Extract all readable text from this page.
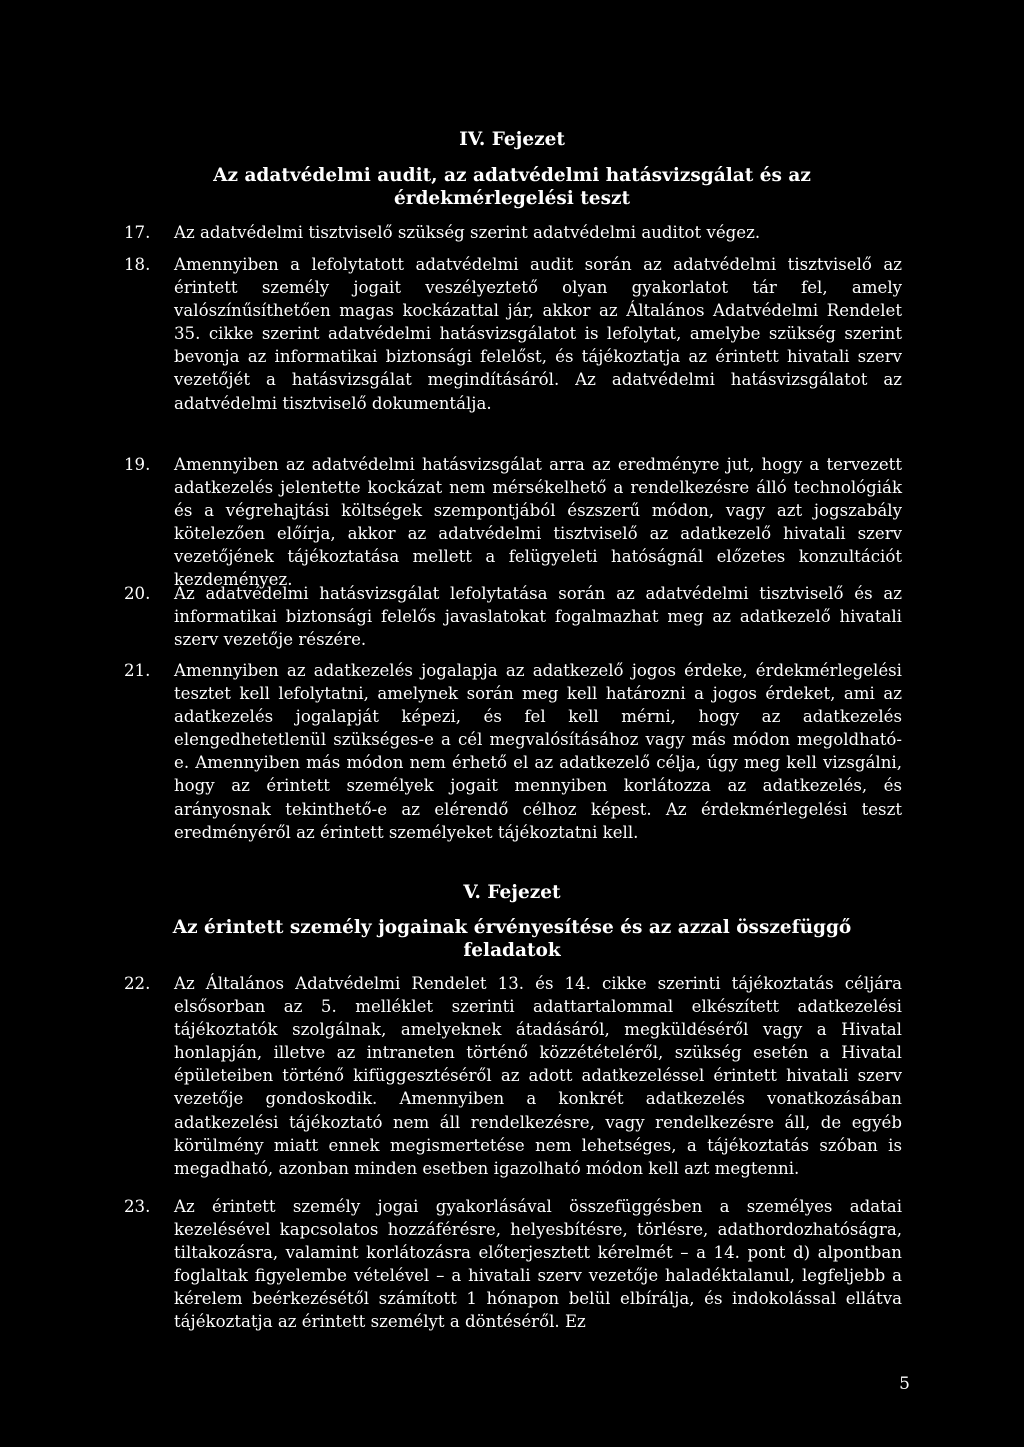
IV. Fejezet
Az adatvédelmi audit, az adatvédelmi hatásvizsgálat és az érdekmérlegelési teszt
17.	Az adatvédelmi tisztviselő szükség szerint adatvédelmi auditot végez.
18.	Amennyiben a lefolytatott adatvédelmi audit során az adatvédelmi tisztviselő az érintett személy jogait veszélyeztető olyan gyakorlatot tár fel, amely valószínűsíthetően magas kockázattal jár, akkor az Általános Adatvédelmi Rendelet 35. cikke szerint adatvédelmi hatásvizsgálatot is lefolytat, amelybe szükség szerint bevonja az informatikai biztonsági felelőst, és tájékoztatja az érintett hivatali szerv vezetőjét a hatásvizsgálat megindításáról. Az adatvédelmi hatásvizsgálatot az adatvédelmi tisztviselő dokumentálja.
19.	Amennyiben az adatvédelmi hatásvizsgálat arra az eredményre jut, hogy a tervezett adatkezelés jelentette kockázat nem mérsékelhető a rendelkezésre álló technológiák és a végrehajtási költségek szempontjából észszerű módon, vagy azt jogszabály kötelezően előírja, akkor az adatvédelmi tisztviselő az adatkezelő hivatali szerv vezetőjének tájékoztatása mellett a felügyeleti hatóságnál előzetes konzultációt kezdeményez.
20.	Az adatvédelmi hatásvizsgálat lefolytatása során az adatvédelmi tisztviselő és az informatikai biztonsági felelős javaslatokat fogalmazhat meg az adatkezelő hivatali szerv vezetője részére.
21.	Amennyiben az adatkezelés jogalapja az adatkezelő jogos érdeke, érdekmérlegelési tesztet kell lefolytatni, amelynek során meg kell határozni a jogos érdeket, ami az adatkezelés jogalapját képezi, és fel kell mérni, hogy az adatkezelés elengedhetetlenül szükséges-e a cél megvalósításához vagy más módon megoldható-e. Amennyiben más módon nem érhető el az adatkezelő célja, úgy meg kell vizsgálni, hogy az érintett személyek jogait mennyiben korlátozza az adatkezelés, és arányosnak tekinthető-e az elérendő célhoz képest. Az érdekmérlegelési teszt eredményéről az érintett személyeket tájékoztatni kell.
V. Fejezet
Az érintett személy jogainak érvényesítése és az azzal összefüggő feladatok
22.	Az Általános Adatvédelmi Rendelet 13. és 14. cikke szerinti tájékoztatás céljára elsősorban az 5. melléklet szerinti adattartalommal elkészített adatkezelési tájékoztatók szolgálnak, amelyeknek átadásáról, megküldéséről vagy a Hivatal honlapján, illetve az intraneten történő közzétételéről, szükség esetén a Hivatal épületeiben történő kifüggesztéséről az adott adatkezeléssel érintett hivatali szerv vezetője gondoskodik. Amennyiben a konkrét adatkezelés vonatkozásában adatkezelési tájékoztató nem áll rendelkezésre, vagy rendelkezésre áll, de egyéb körülmény miatt ennek megismertetése nem lehetséges, a tájékoztatás szóban is megadható, azonban minden esetben igazolható módon kell azt megtenni.
23.	Az érintett személy jogai gyakorlásával összefüggésben a személyes adatai kezelésével kapcsolatos hozzáférésre, helyesbítésre, törlésre, adathordozhatóságra, tiltakozásra, valamint korlátozásra előterjesztett kérelmét – a 14. pont d) alpontban foglaltak figyelembe vételével – a hivatali szerv vezetője haladéktalanul, legfeljebb a kérelem beérkezésétől számított 1 hónapon belül elbírálja, és indokolással ellátva tájékoztatja az érintett személyt a döntéséről. Ez
5
